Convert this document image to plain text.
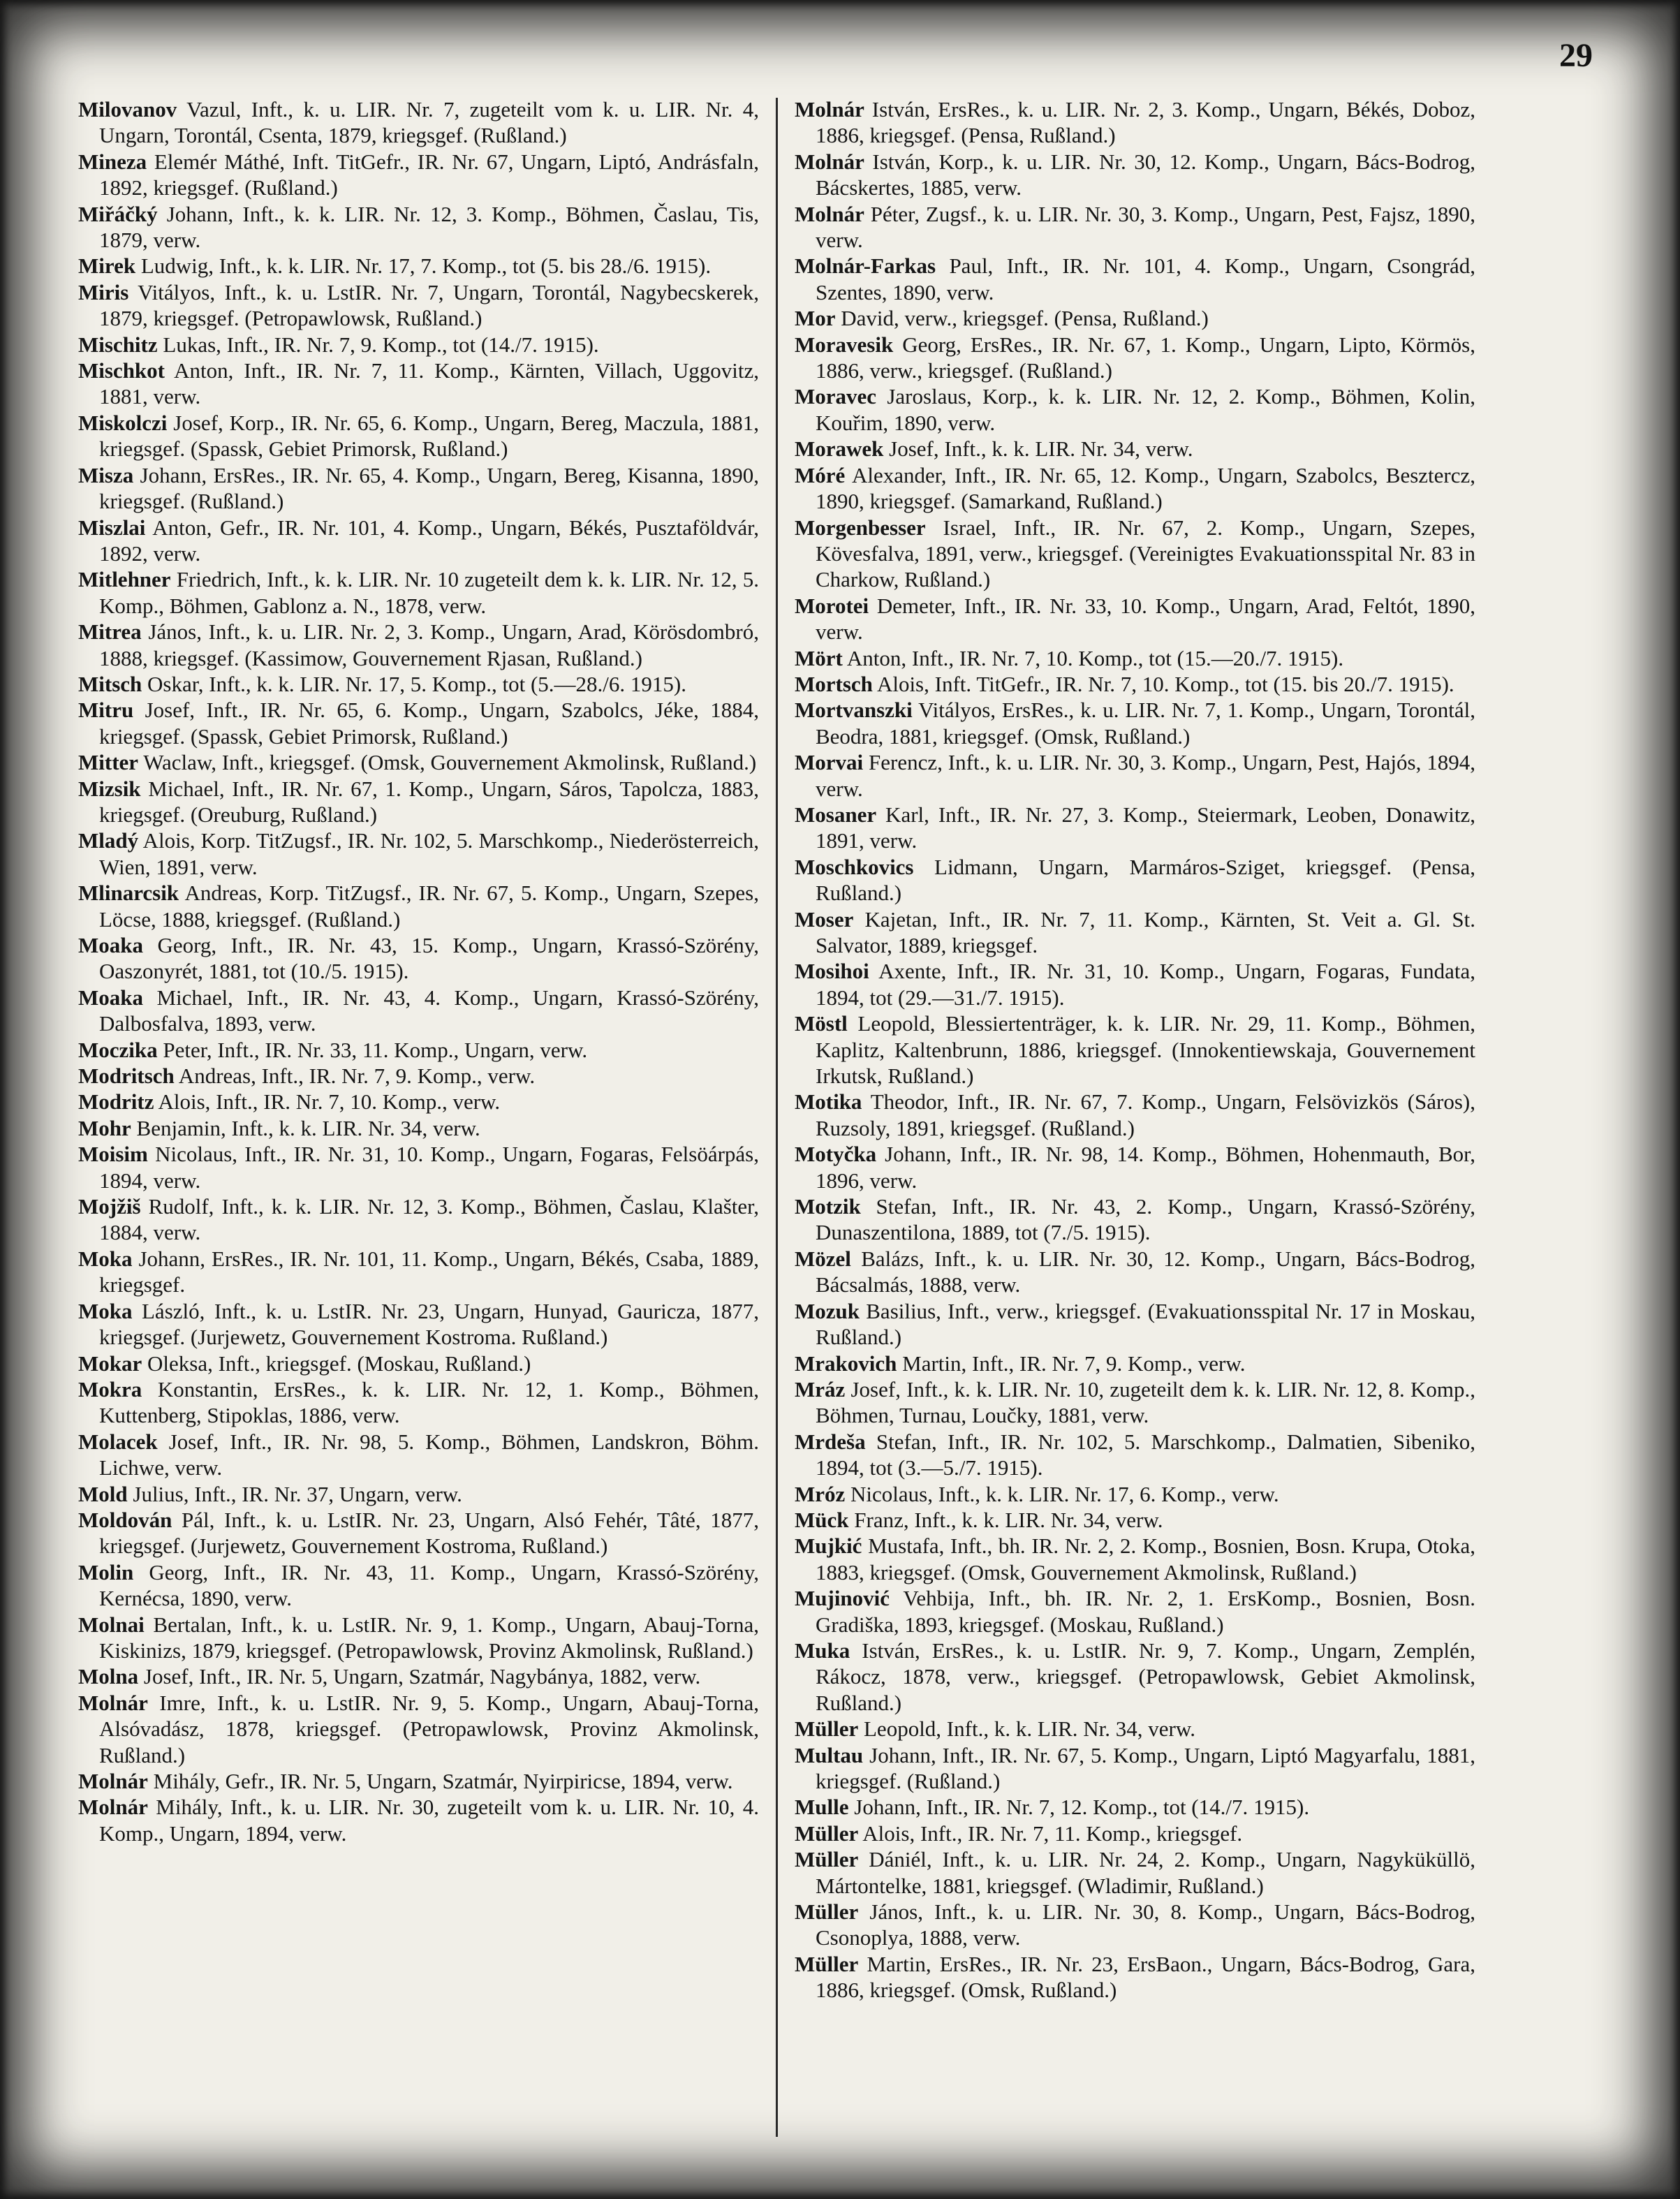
29

Milovanov Vazul, Inft., k. u. LIR. Nr. 7, zugeteilt vom k. u. LIR. Nr. 4, Ungarn, Torontál, Csenta, 1879, kriegsgef. (Rußland.)

Mineza Elemér Máthé, Inft. TitGefr., IR. Nr. 67, Ungarn, Liptó, Andrásfaln, 1892, kriegsgef. (Rußland.)

Miřáčký Johann, Inft., k. k. LIR. Nr. 12, 3. Komp., Böhmen, Časlau, Tis, 1879, verw.

Mirek Ludwig, Inft., k. k. LIR. Nr. 17, 7. Komp., tot (5. bis 28./6. 1915).

Miris Vitályos, Inft., k. u. LstIR. Nr. 7, Ungarn, Torontál, Nagybecskerek, 1879, kriegsgef. (Petropawlowsk, Rußland.)

Mischitz Lukas, Inft., IR. Nr. 7, 9. Komp., tot (14./7. 1915).

Mischkot Anton, Inft., IR. Nr. 7, 11. Komp., Kärnten, Villach, Uggovitz, 1881, verw.

Miskolczi Josef, Korp., IR. Nr. 65, 6. Komp., Ungarn, Bereg, Maczula, 1881, kriegsgef. (Spassk, Gebiet Primorsk, Rußland.)

Misza Johann, ErsRes., IR. Nr. 65, 4. Komp., Ungarn, Bereg, Kisanna, 1890, kriegsgef. (Rußland.)

Miszlai Anton, Gefr., IR. Nr. 101, 4. Komp., Ungarn, Békés, Pusztaföldvár, 1892, verw.

Mitlehner Friedrich, Inft., k. k. LIR. Nr. 10 zugeteilt dem k. k. LIR. Nr. 12, 5. Komp., Böhmen, Gablonz a. N., 1878, verw.

Mitrea János, Inft., k. u. LIR. Nr. 2, 3. Komp., Ungarn, Arad, Körösdombró, 1888, kriegsgef. (Kassimow, Gouvernement Rjasan, Rußland.)

Mitsch Oskar, Inft., k. k. LIR. Nr. 17, 5. Komp., tot (5.—28./6. 1915).

Mitru Josef, Inft., IR. Nr. 65, 6. Komp., Ungarn, Szabolcs, Jéke, 1884, kriegsgef. (Spassk, Gebiet Primorsk, Rußland.)

Mitter Waclaw, Inft., kriegsgef. (Omsk, Gouvernement Akmolinsk, Rußland.)

Mizsik Michael, Inft., IR. Nr. 67, 1. Komp., Ungarn, Sáros, Tapolcza, 1883, kriegsgef. (Oreuburg, Rußland.)

Mladý Alois, Korp. TitZugsf., IR. Nr. 102, 5. Marschkomp., Niederösterreich, Wien, 1891, verw.

Mlinarcsik Andreas, Korp. TitZugsf., IR. Nr. 67, 5. Komp., Ungarn, Szepes, Löcse, 1888, kriegsgef. (Rußland.)

Moaka Georg, Inft., IR. Nr. 43, 15. Komp., Ungarn, Krassó-Szörény, Oaszonyrét, 1881, tot (10./5. 1915).

Moaka Michael, Inft., IR. Nr. 43, 4. Komp., Ungarn, Krassó-Szörény, Dalbosfalva, 1893, verw.

Moczika Peter, Inft., IR. Nr. 33, 11. Komp., Ungarn, verw.

Modritsch Andreas, Inft., IR. Nr. 7, 9. Komp., verw.

Modritz Alois, Inft., IR. Nr. 7, 10. Komp., verw.

Mohr Benjamin, Inft., k. k. LIR. Nr. 34, verw.

Moisim Nicolaus, Inft., IR. Nr. 31, 10. Komp., Ungarn, Fogaras, Felsöárpás, 1894, verw.

Mojžiš Rudolf, Inft., k. k. LIR. Nr. 12, 3. Komp., Böhmen, Časlau, Klašter, 1884, verw.

Moka Johann, ErsRes., IR. Nr. 101, 11. Komp., Ungarn, Békés, Csaba, 1889, kriegsgef.

Moka László, Inft., k. u. LstIR. Nr. 23, Ungarn, Hunyad, Gauricza, 1877, kriegsgef. (Jurjewetz, Gouvernement Kostroma. Rußland.)

Mokar Oleksa, Inft., kriegsgef. (Moskau, Rußland.)

Mokra Konstantin, ErsRes., k. k. LIR. Nr. 12, 1. Komp., Böhmen, Kuttenberg, Stipoklas, 1886, verw.

Molacek Josef, Inft., IR. Nr. 98, 5. Komp., Böhmen, Landskron, Böhm. Lichwe, verw.

Mold Julius, Inft., IR. Nr. 37, Ungarn, verw.

Moldován Pál, Inft., k. u. LstIR. Nr. 23, Ungarn, Alsó Fehér, Tâté, 1877, kriegsgef. (Jurjewetz, Gouvernement Kostroma, Rußland.)

Molin Georg, Inft., IR. Nr. 43, 11. Komp., Ungarn, Krassó-Szörény, Kernécsa, 1890, verw.

Molnai Bertalan, Inft., k. u. LstIR. Nr. 9, 1. Komp., Ungarn, Abauj-Torna, Kiskinizs, 1879, kriegsgef. (Petropawlowsk, Provinz Akmolinsk, Rußland.)

Molna Josef, Inft., IR. Nr. 5, Ungarn, Szatmár, Nagybánya, 1882, verw.

Molnár Imre, Inft., k. u. LstIR. Nr. 9, 5. Komp., Ungarn, Abauj-Torna, Alsóvadász, 1878, kriegsgef. (Petropawlowsk, Provinz Akmolinsk, Rußland.)

Molnár Mihály, Gefr., IR. Nr. 5, Ungarn, Szatmár, Nyirpiricse, 1894, verw.

Molnár Mihály, Inft., k. u. LIR. Nr. 30, zugeteilt vom k. u. LIR. Nr. 10, 4. Komp., Ungarn, 1894, verw.

Molnár István, ErsRes., k. u. LIR. Nr. 2, 3. Komp., Ungarn, Békés, Doboz, 1886, kriegsgef. (Pensa, Rußland.)

Molnár István, Korp., k. u. LIR. Nr. 30, 12. Komp., Ungarn, Bács-Bodrog, Bácskertes, 1885, verw.

Molnár Péter, Zugsf., k. u. LIR. Nr. 30, 3. Komp., Ungarn, Pest, Fajsz, 1890, verw.

Molnár-Farkas Paul, Inft., IR. Nr. 101, 4. Komp., Ungarn, Csongrád, Szentes, 1890, verw.

Mor David, verw., kriegsgef. (Pensa, Rußland.)

Moravesik Georg, ErsRes., IR. Nr. 67, 1. Komp., Ungarn, Lipto, Körmös, 1886, verw., kriegsgef. (Rußland.)

Moravec Jaroslaus, Korp., k. k. LIR. Nr. 12, 2. Komp., Böhmen, Kolin, Kouřim, 1890, verw.

Morawek Josef, Inft., k. k. LIR. Nr. 34, verw.

Móré Alexander, Inft., IR. Nr. 65, 12. Komp., Ungarn, Szabolcs, Besztercz, 1890, kriegsgef. (Samarkand, Rußland.)

Morgenbesser Israel, Inft., IR. Nr. 67, 2. Komp., Ungarn, Szepes, Kövesfalva, 1891, verw., kriegsgef. (Vereinigtes Evakuationsspital Nr. 83 in Charkow, Rußland.)

Morotei Demeter, Inft., IR. Nr. 33, 10. Komp., Ungarn, Arad, Feltót, 1890, verw.

Mört Anton, Inft., IR. Nr. 7, 10. Komp., tot (15.—20./7. 1915).

Mortsch Alois, Inft. TitGefr., IR. Nr. 7, 10. Komp., tot (15. bis 20./7. 1915).

Mortvanszki Vitályos, ErsRes., k. u. LIR. Nr. 7, 1. Komp., Ungarn, Torontál, Beodra, 1881, kriegsgef. (Omsk, Rußland.)

Morvai Ferencz, Inft., k. u. LIR. Nr. 30, 3. Komp., Ungarn, Pest, Hajós, 1894, verw.

Mosaner Karl, Inft., IR. Nr. 27, 3. Komp., Steiermark, Leoben, Donawitz, 1891, verw.

Moschkovics Lidmann, Ungarn, Marmáros-Sziget, kriegsgef. (Pensa, Rußland.)

Moser Kajetan, Inft., IR. Nr. 7, 11. Komp., Kärnten, St. Veit a. Gl. St. Salvator, 1889, kriegsgef.

Mosihoi Axente, Inft., IR. Nr. 31, 10. Komp., Ungarn, Fogaras, Fundata, 1894, tot (29.—31./7. 1915).

Möstl Leopold, Blessiertenträger, k. k. LIR. Nr. 29, 11. Komp., Böhmen, Kaplitz, Kaltenbrunn, 1886, kriegsgef. (Innokentiewskaja, Gouvernement Irkutsk, Rußland.)

Motika Theodor, Inft., IR. Nr. 67, 7. Komp., Ungarn, Felsövizkös (Sáros), Ruzsoly, 1891, kriegsgef. (Rußland.)

Motyčka Johann, Inft., IR. Nr. 98, 14. Komp., Böhmen, Hohenmauth, Bor, 1896, verw.

Motzik Stefan, Inft., IR. Nr. 43, 2. Komp., Ungarn, Krassó-Szörény, Dunaszentilona, 1889, tot (7./5. 1915).

Mözel Balázs, Inft., k. u. LIR. Nr. 30, 12. Komp., Ungarn, Bács-Bodrog, Bácsalmás, 1888, verw.

Mozuk Basilius, Inft., verw., kriegsgef. (Evakuationsspital Nr. 17 in Moskau, Rußland.)

Mrakovich Martin, Inft., IR. Nr. 7, 9. Komp., verw.

Mráz Josef, Inft., k. k. LIR. Nr. 10, zugeteilt dem k. k. LIR. Nr. 12, 8. Komp., Böhmen, Turnau, Loučky, 1881, verw.

Mrdeša Stefan, Inft., IR. Nr. 102, 5. Marschkomp., Dalmatien, Sibeniko, 1894, tot (3.—5./7. 1915).

Mróz Nicolaus, Inft., k. k. LIR. Nr. 17, 6. Komp., verw.

Mück Franz, Inft., k. k. LIR. Nr. 34, verw.

Mujkić Mustafa, Inft., bh. IR. Nr. 2, 2. Komp., Bosnien, Bosn. Krupa, Otoka, 1883, kriegsgef. (Omsk, Gouvernement Akmolinsk, Rußland.)

Mujinović Vehbija, Inft., bh. IR. Nr. 2, 1. ErsKomp., Bosnien, Bosn. Gradiška, 1893, kriegsgef. (Moskau, Rußland.)

Muka István, ErsRes., k. u. LstIR. Nr. 9, 7. Komp., Ungarn, Zemplén, Rákocz, 1878, verw., kriegsgef. (Petropawlowsk, Gebiet Akmolinsk, Rußland.)

Müller Leopold, Inft., k. k. LIR. Nr. 34, verw.

Multau Johann, Inft., IR. Nr. 67, 5. Komp., Ungarn, Liptó Magyarfalu, 1881, kriegsgef. (Rußland.)

Mulle Johann, Inft., IR. Nr. 7, 12. Komp., tot (14./7. 1915).

Müller Alois, Inft., IR. Nr. 7, 11. Komp., kriegsgef.

Müller Dániél, Inft., k. u. LIR. Nr. 24, 2. Komp., Ungarn, Nagyküküllö, Mártontelke, 1881, kriegsgef. (Wladimir, Rußland.)

Müller János, Inft., k. u. LIR. Nr. 30, 8. Komp., Ungarn, Bács-Bodrog, Csonoplya, 1888, verw.

Müller Martin, ErsRes., IR. Nr. 23, ErsBaon., Ungarn, Bács-Bodrog, Gara, 1886, kriegsgef. (Omsk, Rußland.)
